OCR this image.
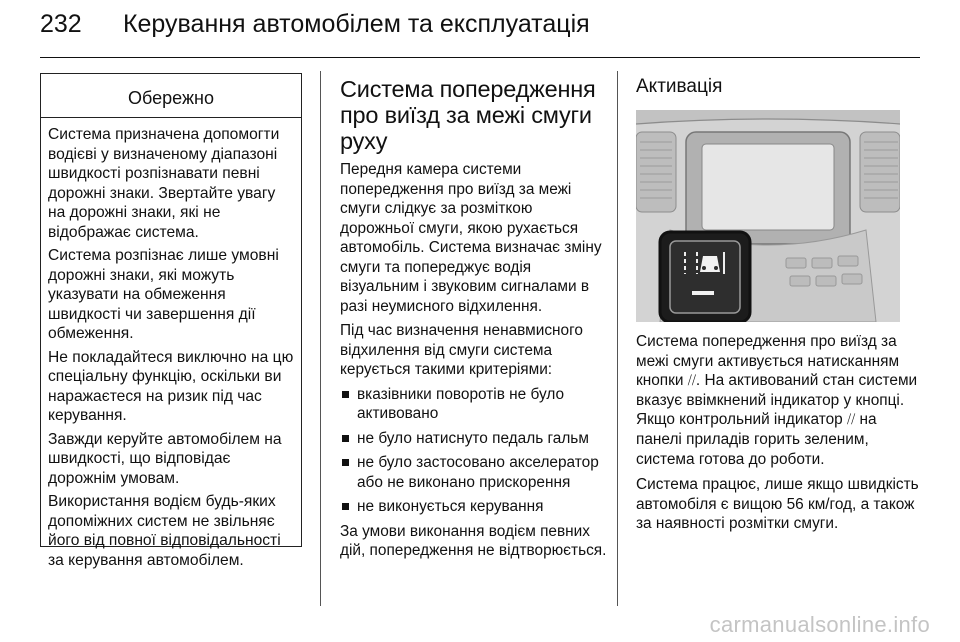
232 Керування автомобілем та експлуатація
Обережно

Система призначена допомогти водієві у визначеному діапазоні швидкості розпізнавати певні дорожні знаки. Звертайте увагу на дорожні знаки, які не відображає система.

Система розпізнає лише умовні дорожні знаки, які можуть указувати на обмеження швидкості чи завершення дії обмеження.

Не покладайтеся виключно на цю спеціальну функцію, оскільки ви наражаєтеся на ризик під час керування.

Завжди керуйте автомобілем на швидкості, що відповідає дорожнім умовам.

Використання водієм будь-яких допоміжних систем не звільняє його від повної відповідальності за керування автомобілем.

Система попередження про виїзд за межі смуги руху

Передня камера системи попередження про виїзд за межі смуги слідкує за розміткою дорожньої смуги, якою рухається автомобіль. Система визначає зміну смуги та попереджує водія візуальним і звуковим сигналами в разі неумисного відхилення.

Під час визначення ненавмисного відхилення від смуги система керується такими критеріями:

вказівники поворотів не було активовано
не було натиснуто педаль гальм
не було застосовано акселератор або не виконано прискорення
не виконується керування

За умови виконання водієм певних дій, попередження не відтворюється.

Активація

Система попередження про виїзд за межі смуги активується натисканням кнопки ⧸⧸. На активований стан системи вказує ввімкнений індикатор у кнопці. Якщо контрольний індикатор ⧸⧸ на панелі приладів горить зеленим, система готова до роботи.

Система працює, лише якщо швидкість автомобіля є вищою 56 км/год, а також за наявності розмітки смуги.

carmanualsonline.info
